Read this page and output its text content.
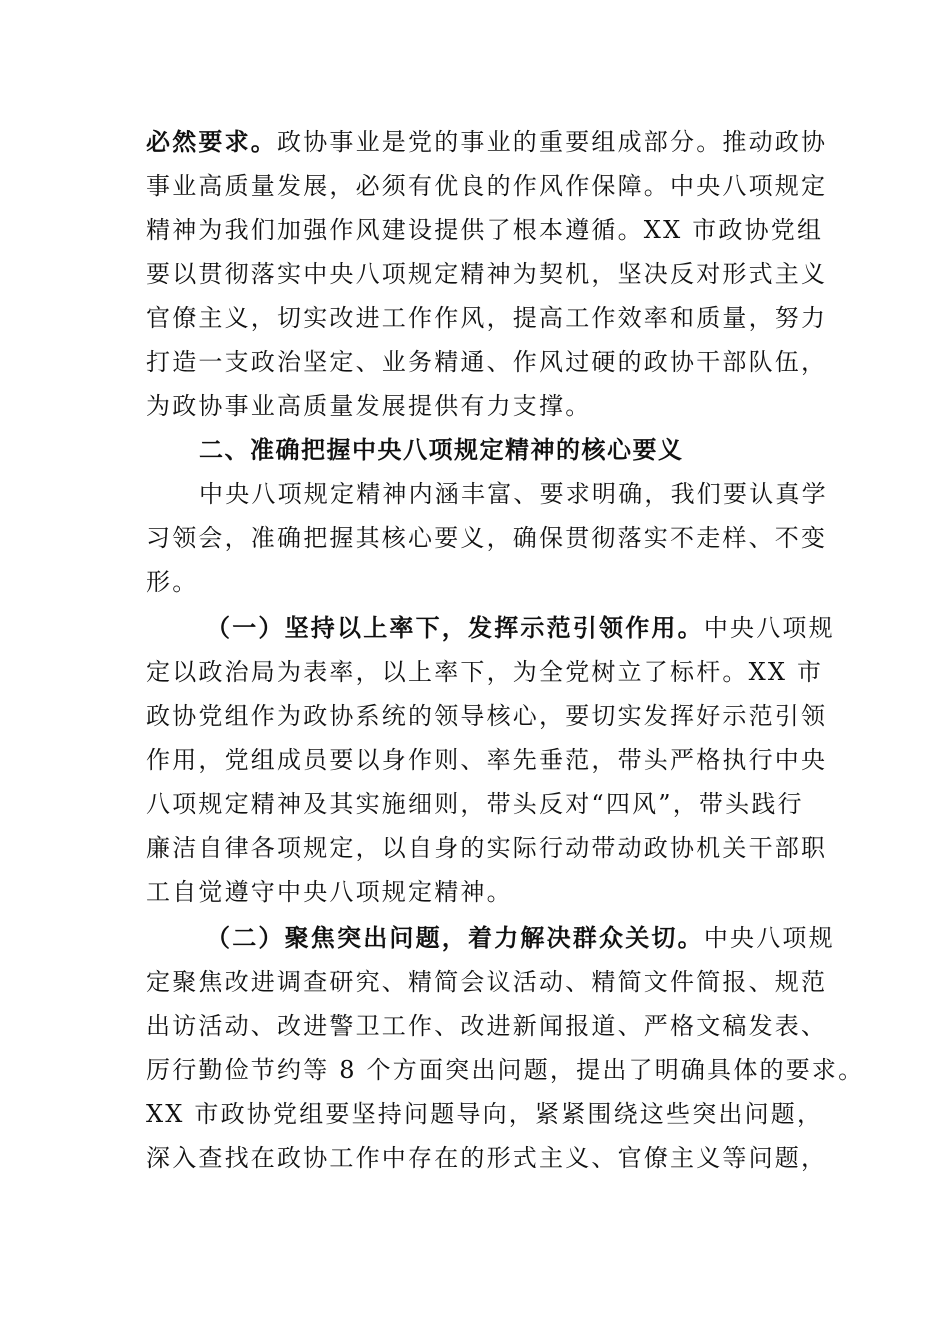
必然要求。政协事业是党的事业的重要组成部分。推动政协
事业高质量发展，必须有优良的作风作保障。中央八项规定
精神为我们加强作风建设提供了根本遵循。XX 市政协党组
要以贯彻落实中央八项规定精神为契机，坚决反对形式主义
官僚主义，切实改进工作作风，提高工作效率和质量，努力
打造一支政治坚定、业务精通、作风过硬的政协干部队伍，
为政协事业高质量发展提供有力支撑。
二、准确把握中央八项规定精神的核心要义
中央八项规定精神内涵丰富、要求明确，我们要认真学
习领会，准确把握其核心要义，确保贯彻落实不走样、不变
形。
（一）坚持以上率下，发挥示范引领作用。中央八项规
定以政治局为表率，以上率下，为全党树立了标杆。XX 市
政协党组作为政协系统的领导核心，要切实发挥好示范引领
作用，党组成员要以身作则、率先垂范，带头严格执行中央
八项规定精神及其实施细则，带头反对“四风”，带头践行
廉洁自律各项规定，以自身的实际行动带动政协机关干部职
工自觉遵守中央八项规定精神。
（二）聚焦突出问题，着力解决群众关切。中央八项规
定聚焦改进调查研究、精简会议活动、精简文件简报、规范
出访活动、改进警卫工作、改进新闻报道、严格文稿发表、
厉行勤俭节约等 8 个方面突出问题，提出了明确具体的要求。
XX 市政协党组要坚持问题导向，紧紧围绕这些突出问题，
深入查找在政协工作中存在的形式主义、官僚主义等问题，
